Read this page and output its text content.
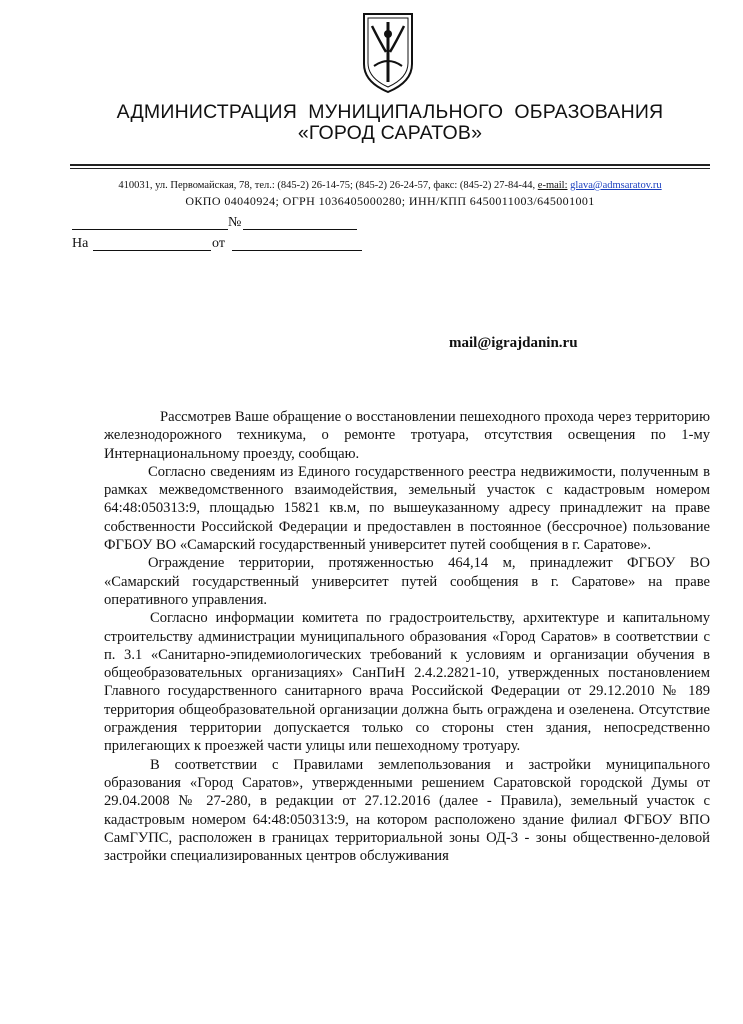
АДМИНИСТРАЦИЯ  МУНИЦИПАЛЬНОГО  ОБРАЗОВАНИЯ
«ГОРОД САРАТОВ»
410031, ул. Первомайская, 78, тел.: (845-2) 26-14-75; (845-2) 26-24-57, факс: (845-2) 27-84-44, e-mail: glava@admsaratov.ru
ОКПО 04040924; ОГРН 1036405000280; ИНН/КПП 6450011003/645001001
№
На	от
mail@igrajdanin.ru

Рассмотрев Ваше обращение о восстановлении пешеходного прохода через территорию железнодорожного техникума, о ремонте тротуара, отсутствия освещения по 1-му Интернациональному проезду, сообщаю.

Согласно сведениям из Единого государственного реестра недвижимости, полученным в рамках межведомственного взаимодействия, земельный участок с кадастровым номером 64:48:050313:9, площадью 15821 кв.м, по вышеуказанному адресу принадлежит на праве собственности Российской Федерации и предоставлен в постоянное (бессрочное) пользование ФГБОУ ВО «Самарский государственный университет путей сообщения в г. Саратове».

Ограждение территории, протяженностью 464,14 м, принадлежит ФГБОУ ВО «Самарский государственный университет путей сообщения в г. Саратове» на праве оперативного управления.

Согласно информации комитета по градостроительству, архитектуре и капитальному строительству администрации муниципального образования «Город Саратов» в соответствии с п. 3.1 «Санитарно-эпидемиологических требований к условиям и организации обучения в общеобразовательных организациях» СанПиН 2.4.2.2821-10, утвержденных постановлением Главного государственного санитарного врача Российской Федерации от 29.12.2010 № 189 территория общеобразовательной организации должна быть ограждена и озеленена. Отсутствие ограждения территории допускается только со стороны стен здания, непосредственно прилегающих к проезжей части улицы или пешеходному тротуару.

В соответствии с Правилами землепользования и застройки муниципального образования «Город Саратов», утвержденными решением Саратовской городской Думы от 29.04.2008 № 27-280, в редакции от 27.12.2016 (далее - Правила), земельный участок с кадастровым номером 64:48:050313:9, на котором расположено здание филиал ФГБОУ ВПО СамГУПС, расположен в границах территориальной зоны ОД-3 - зоны общественно-деловой застройки специализированных центров обслуживания
